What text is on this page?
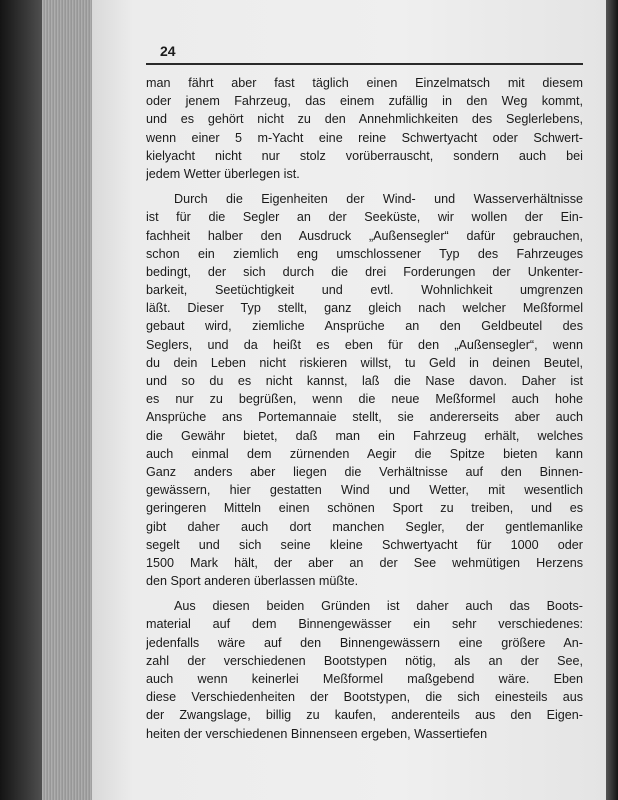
24
man fährt aber fast täglich einen Einzelmatsch mit diesem
oder jenem Fahrzeug, das einem zufällig in den Weg kommt,
und es gehört nicht zu den Annehmlichkeiten des Seglerlebens,
wenn einer 5 m-Yacht eine reine Schwertyacht oder Schwert-
kielyacht nicht nur stolz vorüberrauscht, sondern auch bei
jedem Wetter überlegen ist.
Durch die Eigenheiten der Wind- und Wasserverhältnisse
ist für die Segler an der Seeküste, wir wollen der Ein-
fachheit halber den Ausdruck „Außensegler“ dafür gebrauchen,
schon ein ziemlich eng umschlossener Typ des Fahrzeuges
bedingt, der sich durch die drei Forderungen der Unkenter-
barkeit, Seetüchtigkeit und evtl. Wohnlichkeit umgrenzen
läßt. Dieser Typ stellt, ganz gleich nach welcher Meßformel
gebaut wird, ziemliche Ansprüche an den Geldbeutel des
Seglers, und da heißt es eben für den „Außensegler“, wenn
du dein Leben nicht riskieren willst, tu Geld in deinen Beutel,
und so du es nicht kannst, laß die Nase davon. Daher ist
es nur zu begrüßen, wenn die neue Meßformel auch hohe
Ansprüche ans Portemannaie stellt, sie andererseits aber auch
die Gewähr bietet, daß man ein Fahrzeug erhält, welches
auch einmal dem zürnenden Aegir die Spitze bieten kann
Ganz anders aber liegen die Verhältnisse auf den Binnen-
gewässern, hier gestatten Wind und Wetter, mit wesentlich
geringeren Mitteln einen schönen Sport zu treiben, und es
gibt daher auch dort manchen Segler, der gentlemanlike
segelt und sich seine kleine Schwertyacht für 1000 oder
1500 Mark hält, der aber an der See wehmütigen Herzens
den Sport anderen überlassen müßte.
Aus diesen beiden Gründen ist daher auch das Boots-
material auf dem Binnengewässer ein sehr verschiedenes:
jedenfalls wäre auf den Binnengewässern eine größere An-
zahl der verschiedenen Bootstypen nötig, als an der See,
auch wenn keinerlei Meßformel maßgebend wäre. Eben
diese Verschiedenheiten der Bootstypen, die sich einesteils aus
der Zwangslage, billig zu kaufen, anderenteils aus den Eigen-
heiten der verschiedenen Binnenseen ergeben, Wassertiefen
